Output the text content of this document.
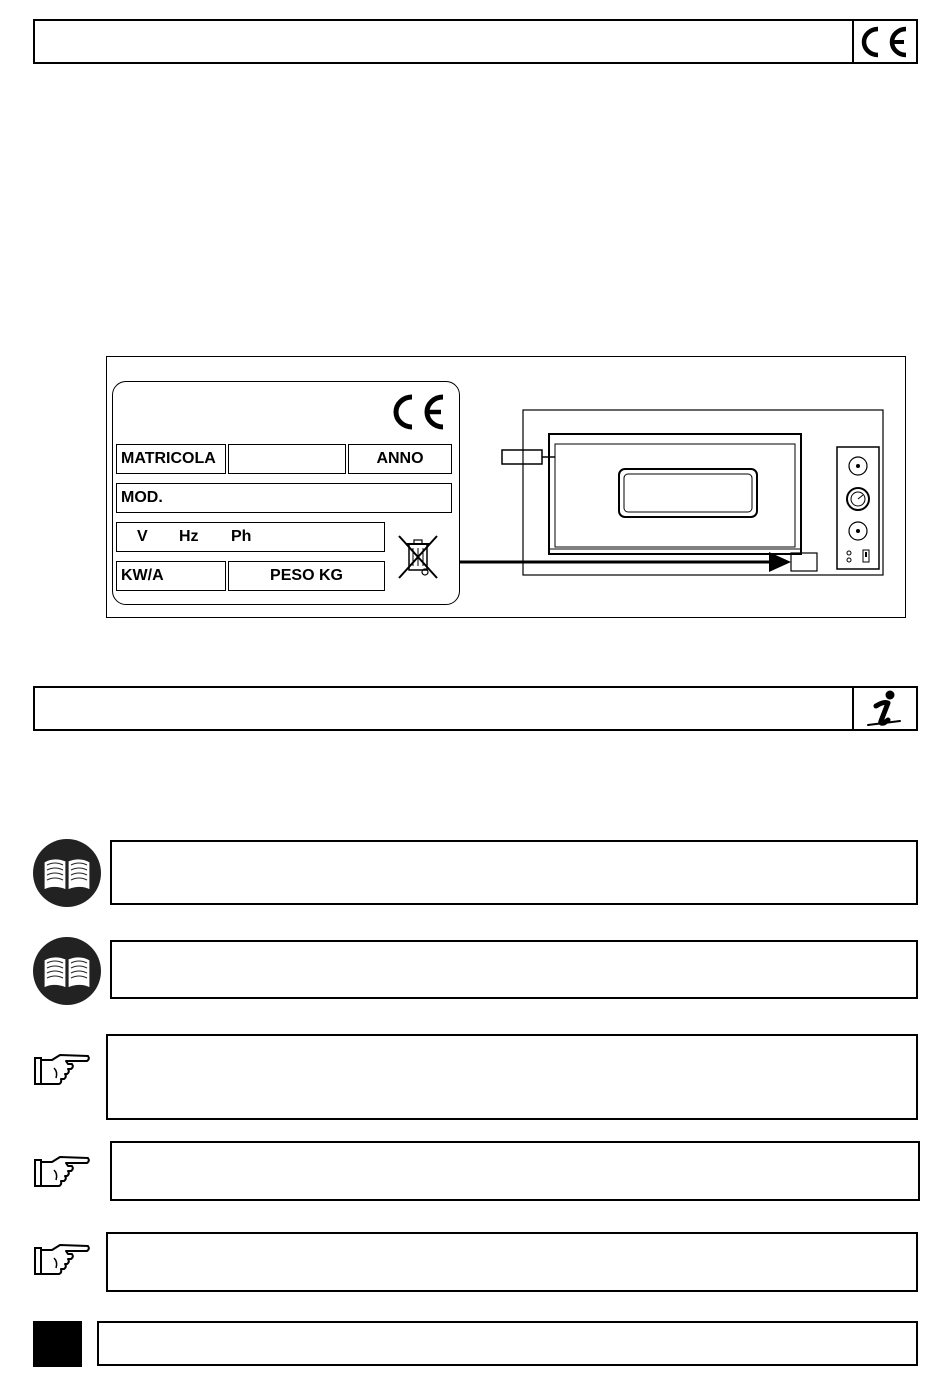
MATRICOLA	ANNO
MOD.
V Hz Ph
KW/A	PESO KG
